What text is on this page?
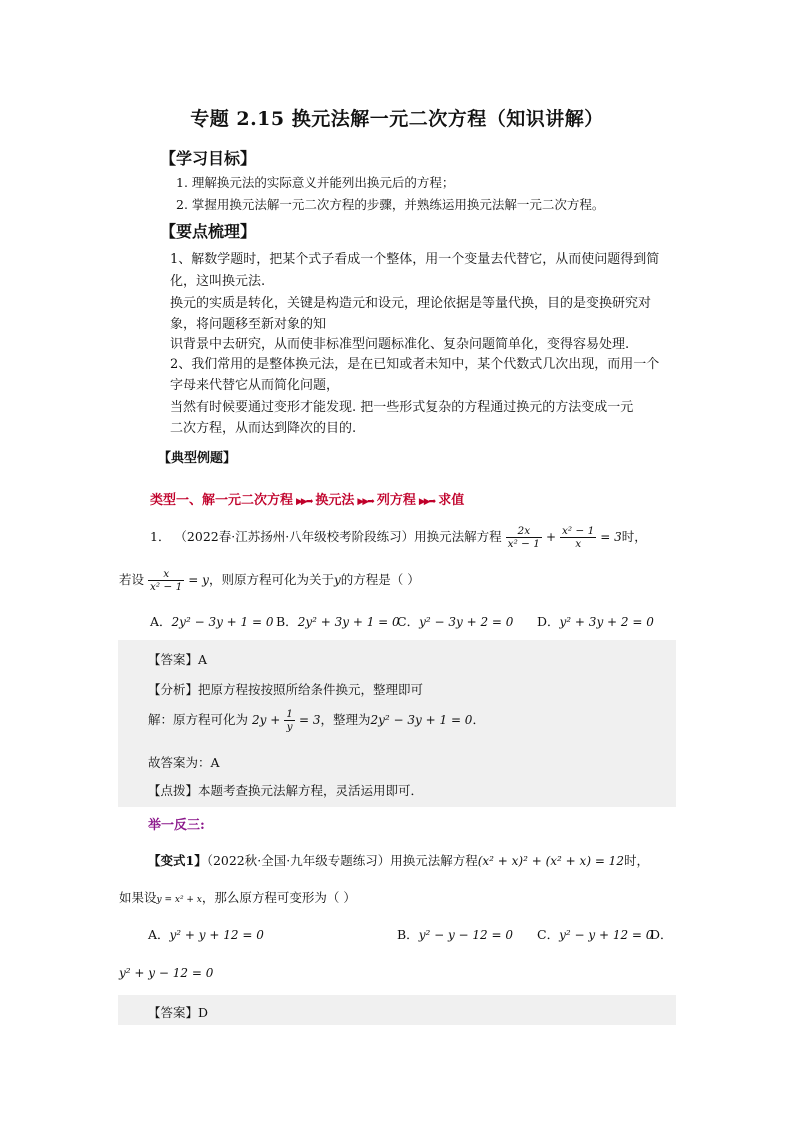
专题 2.15 换元法解一元二次方程（知识讲解）
【学习目标】
1. 理解换元法的实际意义并能列出换元后的方程；
2. 掌握用换元法解一元二次方程的步骤，并熟练运用换元法解一元二次方程。
【要点梳理】
1、解数学题时，把某个式子看成一个整体，用一个变量去代替它，从而使问题得到简
化，这叫换元法.
换元的实质是转化，关键是构造元和设元，理论依据是等量代换，目的是变换研究对
象，将问题移至新对象的知
识背景中去研究，从而使非标准型问题标准化、复杂问题简单化，变得容易处理.
2、我们常用的是整体换元法，是在已知或者未知中，某个代数式几次出现，而用一个
字母来代替它从而简化问题，
当然有时候要通过变形才能发现. 把一些形式复杂的方程通过换元的方法变成一元
二次方程，从而达到降次的目的.
【典型例题】
类型一、解一元二次方程 ▶▶➡ 换元法 ▶▶➡ 列方程 ▶▶➡ 求值
1． （2022春·江苏扬州·八年级校考阶段练习）用换元法解方程 $\frac{2x}{\text{x² − 1}} + \frac{\text{x² − 1}}{x} = 3$时，
若设 $\frac{x}{\text{x² − 1}} = y$，则原方程可化为关于y的方程是（ ）
A．2y² − 3y + 1 = 0 B．2y² + 3y + 1 = 0
C．y² − 3y + 2 = 0 D．y² + 3y + 2 = 0
【答案】A
【分析】把原方程按按照所给条件换元，整理即可
解：原方程可化为 $2y + \frac{1}{y} = 3$，整理为2y² − 3y + 1 = 0．
故答案为：A
【点拨】本题考查换元法解方程，灵活运用即可．
举一反三:
【变式1】（2022秋·全国·九年级专题练习）用换元法解方程(x² + x)² + (x² + x) = 12时，
如果设y = x² + x，那么原方程可变形为（ ）
A．y² + y + 12 = 0	B．y² − y − 12 = 0 C．y² − y + 12 = 0
D．
y² + y − 12 = 0
【答案】D
